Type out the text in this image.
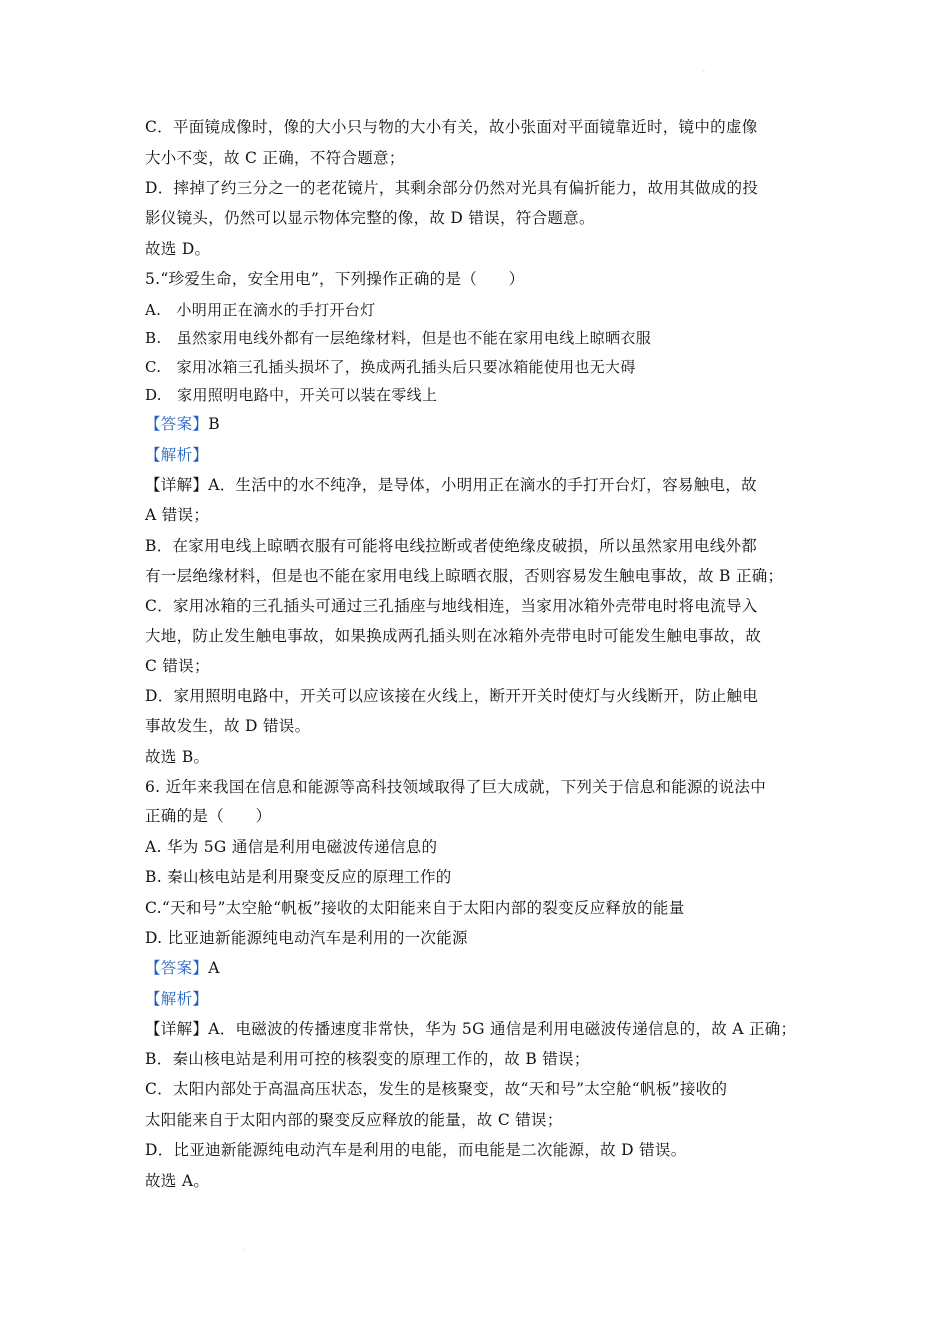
.
C．平面镜成像时，像的大小只与物的大小有关，故小张面对平面镜靠近时，镜中的虚像
大小不变，故 C 正确，不符合题意；
D．摔掉了约三分之一的老花镜片，其剩余部分仍然对光具有偏折能力，故用其做成的投
影仪镜头，仍然可以显示物体完整的像，故 D 错误，符合题意。
故选 D。
5.“珍爱生命，安全用电”，下列操作正确的是（　　）
A.　小明用正在滴水的手打开台灯
B.　虽然家用电线外都有一层绝缘材料，但是也不能在家用电线上晾晒衣服
C.　家用冰箱三孔插头损坏了，换成两孔插头后只要冰箱能使用也无大碍
D.　家用照明电路中，开关可以装在零线上
【答案】B
【解析】
【详解】A．生活中的水不纯净，是导体，小明用正在滴水的手打开台灯，容易触电，故
A 错误；
B．在家用电线上晾晒衣服有可能将电线拉断或者使绝缘皮破损，所以虽然家用电线外都
有一层绝缘材料，但是也不能在家用电线上晾晒衣服，否则容易发生触电事故，故 B 正确；
C．家用冰箱的三孔插头可通过三孔插座与地线相连，当家用冰箱外壳带电时将电流导入
大地，防止发生触电事故，如果换成两孔插头则在冰箱外壳带电时可能发生触电事故，故
C 错误；
D．家用照明电路中，开关可以应该接在火线上，断开开关时使灯与火线断开，防止触电
事故发生，故 D 错误。
故选 B。
6. 近年来我国在信息和能源等高科技领域取得了巨大成就，下列关于信息和能源的说法中
正确的是（　　）
A. 华为 5G 通信是利用电磁波传递信息的
B. 秦山核电站是利用聚变反应的原理工作的
C.“天和号”太空舱“帆板”接收的太阳能来自于太阳内部的裂变反应释放的能量
D. 比亚迪新能源纯电动汽车是利用的一次能源
【答案】A
【解析】
【详解】A．电磁波的传播速度非常快，华为 5G 通信是利用电磁波传递信息的，故 A 正确；
B．秦山核电站是利用可控的核裂变的原理工作的，故 B 错误；
C．太阳内部处于高温高压状态，发生的是核聚变，故“天和号”太空舱“帆板”接收的
太阳能来自于太阳内部的聚变反应释放的能量，故 C 错误；
D．比亚迪新能源纯电动汽车是利用的电能，而电能是二次能源，故 D 错误。
故选 A。
.
